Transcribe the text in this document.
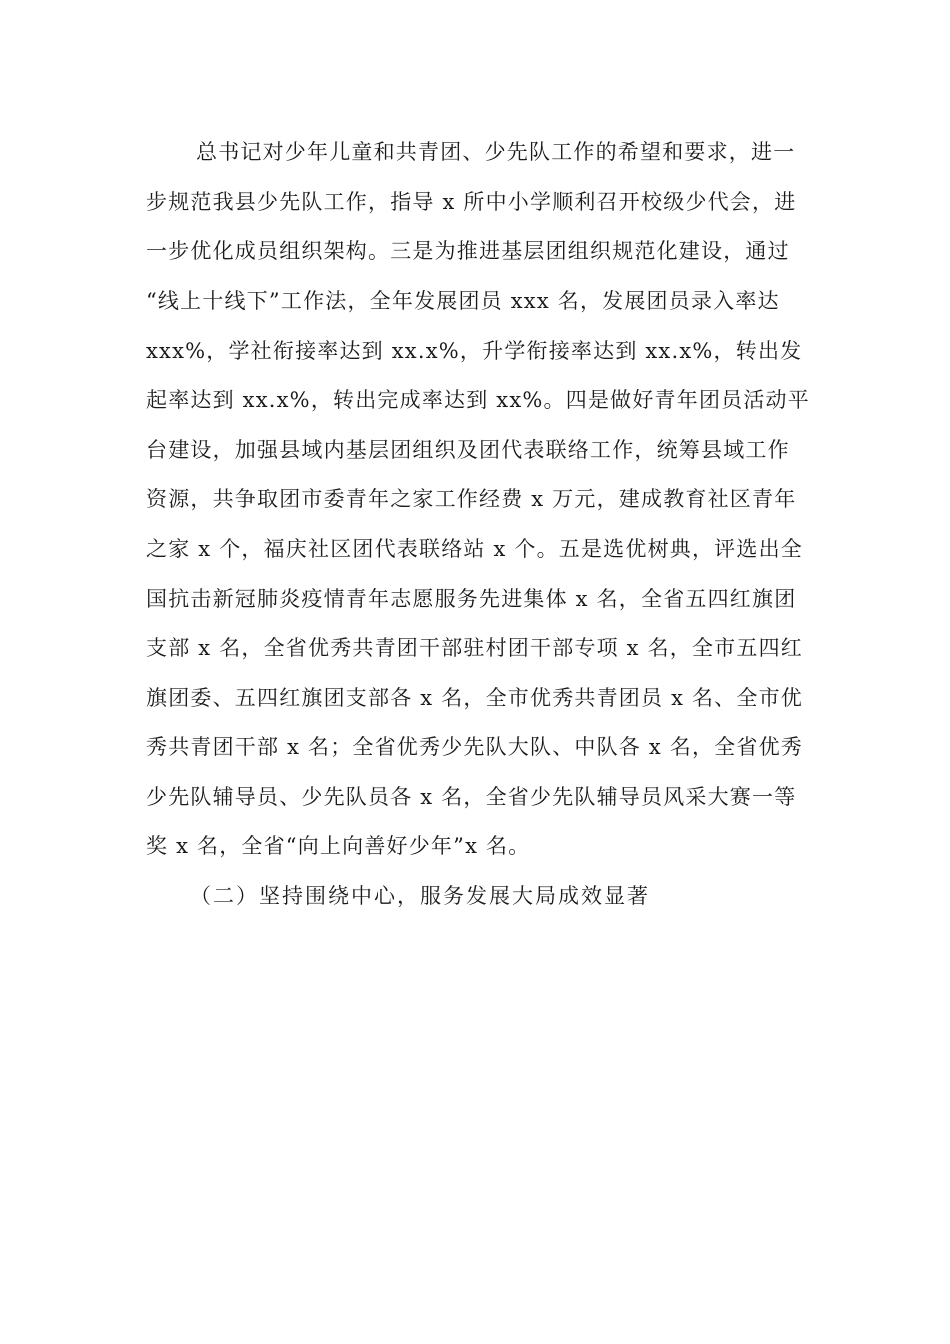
总书记对少年儿童和共青团、少先队工作的希望和要求，进一
步规范我县少先队工作，指导 x 所中小学顺利召开校级少代会，进
一步优化成员组织架构。三是为推进基层团组织规范化建设，通过
“线上十线下”工作法，全年发展团员 xxx 名，发展团员录入率达
xxx%，学社衔接率达到 xx.x%，升学衔接率达到 xx.x%，转出发
起率达到 xx.x%，转出完成率达到 xx%。四是做好青年团员活动平
台建设，加强县域内基层团组织及团代表联络工作，统筹县域工作
资源，共争取团市委青年之家工作经费 x 万元，建成教育社区青年
之家 x 个，福庆社区团代表联络站 x 个。五是选优树典，评选出全
国抗击新冠肺炎疫情青年志愿服务先进集体 x 名，全省五四红旗团
支部 x 名，全省优秀共青团干部驻村团干部专项 x 名，全市五四红
旗团委、五四红旗团支部各 x 名，全市优秀共青团员 x 名、全市优
秀共青团干部 x 名；全省优秀少先队大队、中队各 x 名，全省优秀
少先队辅导员、少先队员各 x 名，全省少先队辅导员风采大赛一等
奖 x 名，全省“向上向善好少年”x 名。
（二）坚持围绕中心，服务发展大局成效显著
